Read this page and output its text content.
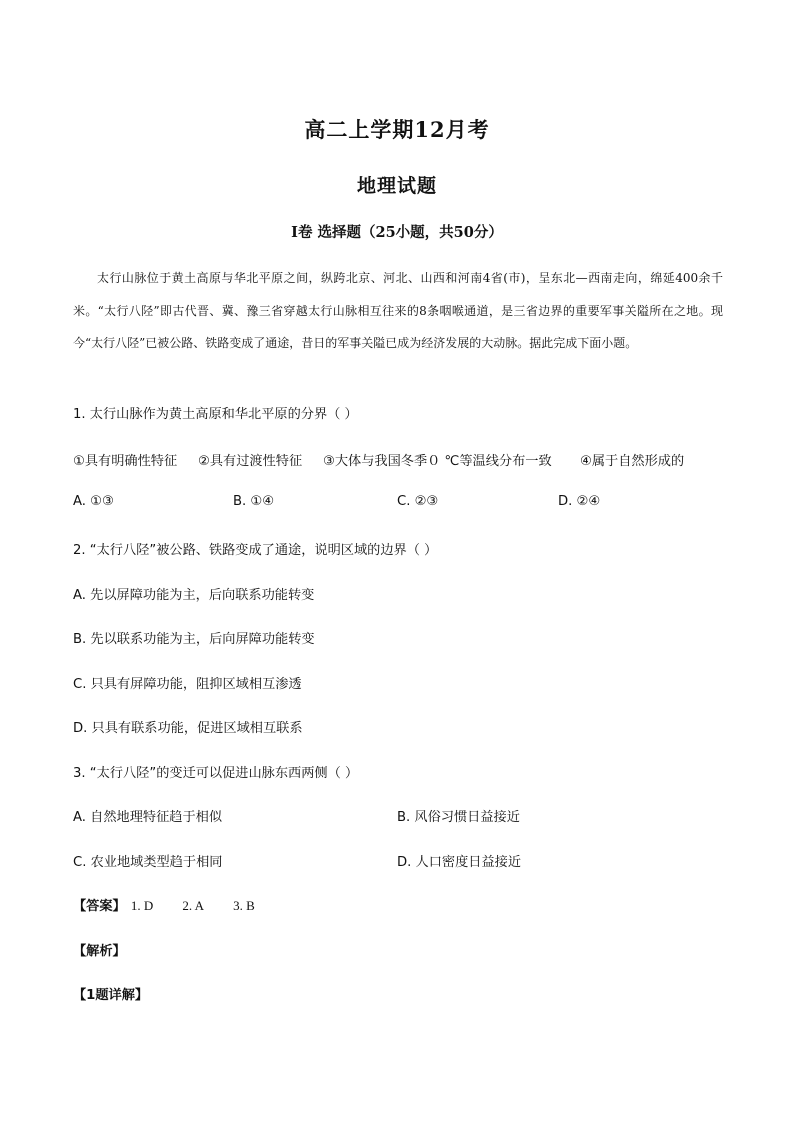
高二上学期12月考
地理试题
Ⅰ卷 选择题（25小题，共50分）
太行山脉位于黄土高原与华北平原之间，纵跨北京、河北、山西和河南4省(市)，呈东北—西南走向，绵延400余千米。“太行八陉”即古代晋、冀、豫三省穿越太行山脉相互往来的8条咽喉通道，是三省边界的重要军事关隘所在之地。现今“太行八陉”已被公路、铁路变成了通途，昔日的军事关隘已成为经济发展的大动脉。据此完成下面小题。
1. 太行山脉作为黄土高原和华北平原的分界（ ）
①具有明确性特征 ②具有过渡性特征 ③大体与我国冬季０ ℃等温线分布一致 ④属于自然形成的
A. ①③	B. ①④	C. ②③	D. ②④
2. “太行八陉”被公路、铁路变成了通途，说明区域的边界（ ）
A. 先以屏障功能为主，后向联系功能转变
B. 先以联系功能为主，后向屏障功能转变
C. 只具有屏障功能，阻抑区域相互渗透
D. 只具有联系功能，促进区域相互联系
3. “太行八陉”的变迁可以促进山脉东西两侧（ ）
A. 自然地理特征趋于相似	B. 风俗习惯日益接近
C. 农业地域类型趋于相同	D. 人口密度日益接近
【答案】 1. D 2. A 3. B
【解析】
【1题详解】
